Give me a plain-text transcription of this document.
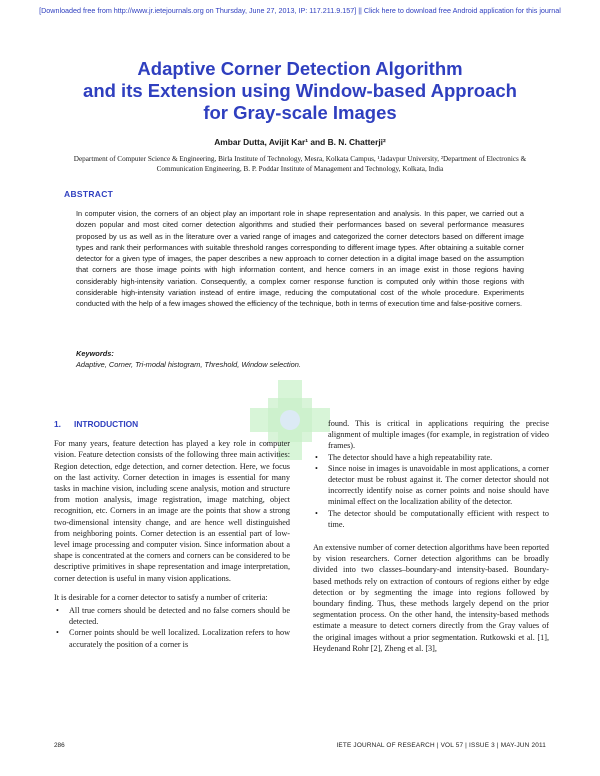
[Downloaded free from http://www.jr.ietejournals.org on Thursday, June 27, 2013, IP: 117.211.9.157] || Click here to download free Android application for this journal
Adaptive Corner Detection Algorithm
and its Extension using Window-based Approach
for Gray-scale Images
Ambar Dutta, Avijit Kar¹ and B. N. Chatterji²
Department of Computer Science & Engineering, Birla Institute of Technology, Mesra, Kolkata Campus, ¹Jadavpur University, ²Department of Electronics & Communication Engineering, B. P. Poddar Institute of Management and Technology, Kolkata, India
ABSTRACT
In computer vision, the corners of an object play an important role in shape representation and analysis. In this paper, we carried out a dozen popular and most cited corner detection algorithms and studied their performances based on several performance measures proposed by us as well as in the literature over a varied range of images and categorized the corner detectors based on different image types and rank their performances with suitable threshold ranges corresponding to different image types. After obtaining a suitable corner detector for a given type of images, the paper describes a new approach to corner detection in a digital image based on the assumption that corners are those image points with high information content, and hence corners in an image exist in those regions having considerably high-intensity variation. Consequently, a complex corner response function is computed only within those regions with considerable high-intensity variation instead of entire image, reducing the computational cost of the whole procedure. Experiments conducted with the help of a few images showed the efficiency of the technique, both in terms of execution time and false-positive corners.
Keywords:
Adaptive, Corner, Tri-modal histogram, Threshold, Window selection.
1. INTRODUCTION

For many years, feature detection has played a key role in computer vision. Feature detection consists of the following three main activities: Region detection, edge detection, and corner detection. Here, we focus on the last activity. Corner detection in images is essential for many tasks in machine vision, including scene analysis, motion and structure from motion analysis, image registration, image matching, object recognition, etc. Corners in an image are the points that show a strong two-dimensional intensity change, and are hence well distinguished from neighboring points. Corner detection is an essential part of low-level image processing and computer vision. Since information about a shape is concentrated at the corners and corners can be considered to be descriptive primitives in shape representation and image interpretation, corner detection is useful in many vision applications.

It is desirable for a corner detector to satisfy a number of criteria:

• All true corners should be detected and no false corners should be detected.
• Corner points should be well localized. Localization refers to how accurately the position of a corner is

found. This is critical in applications requiring the precise alignment of multiple images (for example, in registration of video frames).

• The detector should have a high repeatability rate.
• Since noise in images is unavoidable in most applications, a corner detector must be robust against it. The corner detector should not incorrectly identify noise as corner points and noise should have minimal effect on the localization ability of the detector.
• The detector should be computationally efficient with respect to time.

An extensive number of corner detection algorithms have been reported by vision researchers. Corner detection algorithms can be broadly divided into two classes–boundary-and intensity-based. Boundary-based methods rely on extraction of contours of regions either by edge detection or by segmenting the image into regions followed by boundary finding. Thus, these methods largely depend on the prior segmentation process. On the other hand, the intensity-based methods estimate a measure to detect corners directly from the Gray values of the original images without a prior segmentation. Rutkowski et al. [1], Heydenand Rohr [2], Zheng et al. [3],

286	IETE JOURNAL OF RESEARCH | VOL 57 | ISSUE 3 | MAY-JUN 2011
